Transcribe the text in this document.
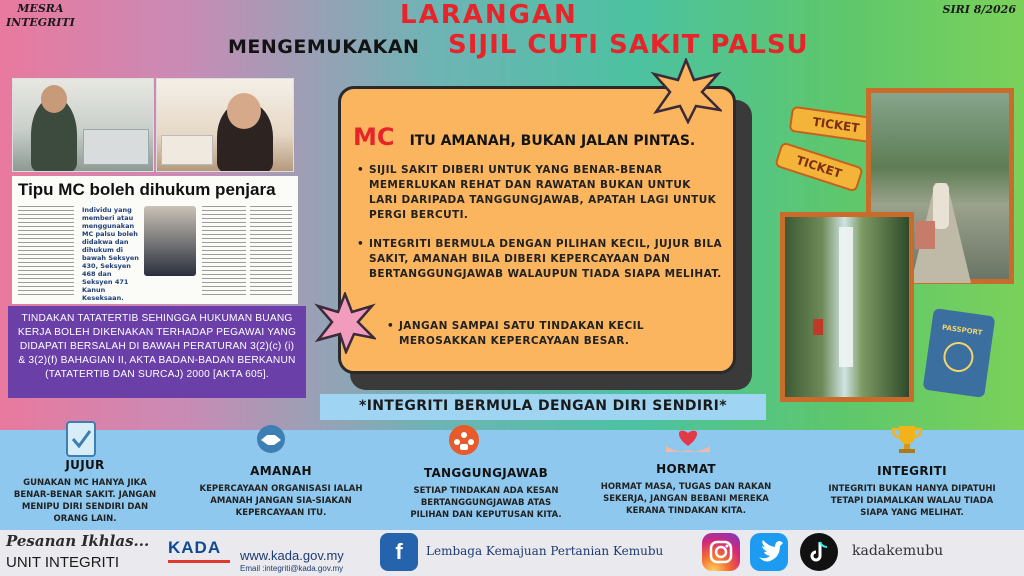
MESRA
INTEGRITI
SIRI 8/2026
LARANGAN
MENGEMUKAKAN SIJIL CUTI SAKIT PALSU
Tipu MC boleh dihukum penjara
Individu yang memberi atau menggunakan MC palsu boleh didakwa dan dihukum di bawah Seksyen 430, Seksyen 468 dan Seksyen 471 Kanun Keseksaan.
TINDAKAN TATATERTIB SEHINGGA HUKUMAN BUANG KERJA BOLEH DIKENAKAN TERHADAP PEGAWAI YANG DIDAPATI BERSALAH DI BAWAH PERATURAN 3(2)(c) (i) & 3(2)(f) BAHAGIAN II, AKTA BADAN-BADAN BERKANUN (TATATERTIB DAN SURCAJ) 2000 [AKTA 605].
MC ITU AMANAH, BUKAN JALAN PINTAS.
• SIJIL SAKIT DIBERI UNTUK YANG BENAR-BENAR MEMERLUKAN REHAT DAN RAWATAN BUKAN UNTUK LARI DARIPADA TANGGUNGJAWAB, APATAH LAGI UNTUK PERGI BERCUTI.
• INTEGRITI BERMULA DENGAN PILIHAN KECIL, JUJUR BILA SAKIT, AMANAH BILA DIBERI KEPERCAYAAN DAN BERTANGGUNGJAWAB WALAUPUN TIADA SIAPA MELIHAT.
• JANGAN SAMPAI SATU TINDAKAN KECIL MEROSAKKAN KEPERCAYAAN BESAR.
*INTEGRITI BERMULA DENGAN DIRI SENDIRI*
TICKET
TICKET
PASSPORT
JUJUR
GUNAKAN MC HANYA JIKA BENAR-BENAR SAKIT. JANGAN MENIPU DIRI SENDIRI DAN ORANG LAIN.
AMANAH
KEPERCAYAAN ORGANISASI IALAH AMANAH JANGAN SIA-SIAKAN KEPERCAYAAN ITU.
TANGGUNGJAWAB
SETIAP TINDAKAN ADA KESAN BERTANGGUNGJAWAB ATAS PILIHAN DAN KEPUTUSAN KITA.
HORMAT
HORMAT MASA, TUGAS DAN RAKAN SEKERJA, JANGAN BEBANI MEREKA KERANA TINDAKAN KITA.
INTEGRITI
INTEGRITI BUKAN HANYA DIPATUHI TETAPI DIAMALKAN WALAU TIADA SIAPA YANG MELIHAT.
Pesanan Ikhlas...
UNIT INTEGRITI
KADA www.kada.gov.my
Email :integriti@kada.gov.my
f	Lembaga Kemajuan Pertanian Kemubu	kadakemubu
